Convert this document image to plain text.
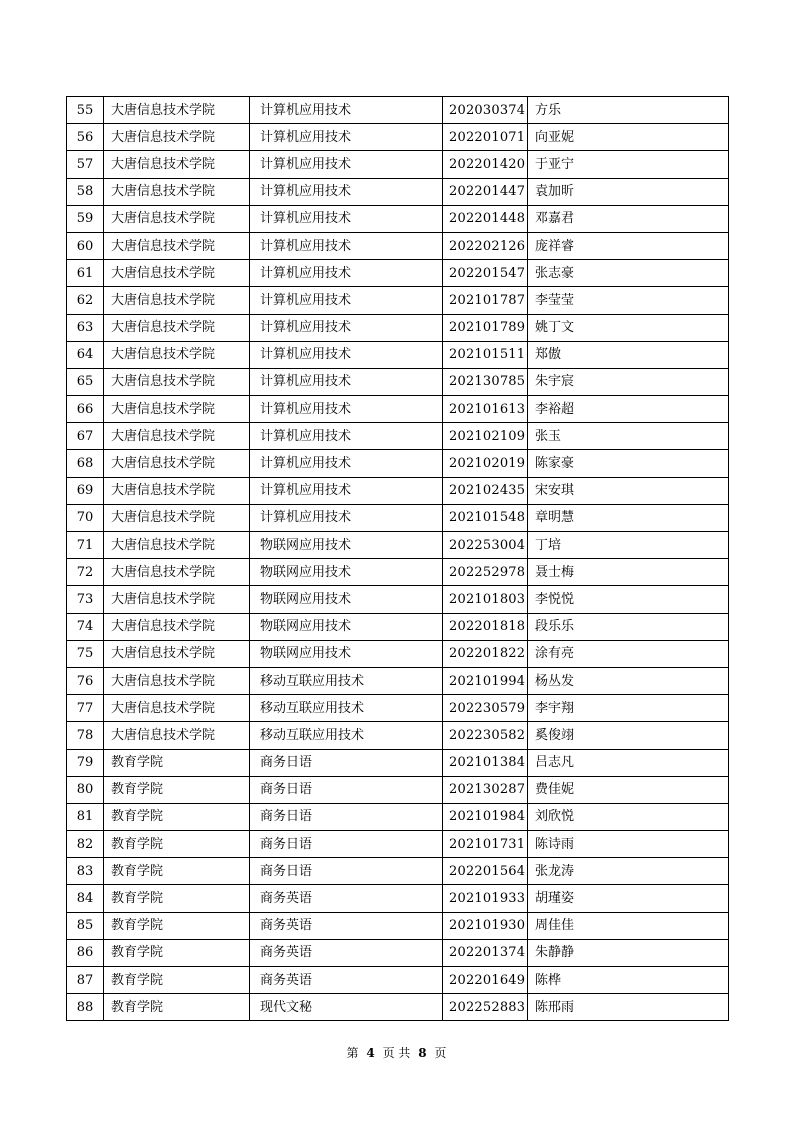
55	大唐信息技术学院	计算机应用技术	202030374	方乐
56	大唐信息技术学院	计算机应用技术	202201071	向亚妮
57	大唐信息技术学院	计算机应用技术	202201420	于亚宁
58	大唐信息技术学院	计算机应用技术	202201447	袁加昕
59	大唐信息技术学院	计算机应用技术	202201448	邓嘉君
60	大唐信息技术学院	计算机应用技术	202202126	庞祥睿
61	大唐信息技术学院	计算机应用技术	202201547	张志豪
62	大唐信息技术学院	计算机应用技术	202101787	李莹莹
63	大唐信息技术学院	计算机应用技术	202101789	姚丁文
64	大唐信息技术学院	计算机应用技术	202101511	郑傲
65	大唐信息技术学院	计算机应用技术	202130785	朱宇宸
66	大唐信息技术学院	计算机应用技术	202101613	李裕超
67	大唐信息技术学院	计算机应用技术	202102109	张玉
68	大唐信息技术学院	计算机应用技术	202102019	陈家豪
69	大唐信息技术学院	计算机应用技术	202102435	宋安琪
70	大唐信息技术学院	计算机应用技术	202101548	章明慧
71	大唐信息技术学院	物联网应用技术	202253004	丁培
72	大唐信息技术学院	物联网应用技术	202252978	聂士梅
73	大唐信息技术学院	物联网应用技术	202101803	李悦悦
74	大唐信息技术学院	物联网应用技术	202201818	段乐乐
75	大唐信息技术学院	物联网应用技术	202201822	涂有亮
76	大唐信息技术学院	移动互联应用技术	202101994	杨丛发
77	大唐信息技术学院	移动互联应用技术	202230579	李宇翔
78	大唐信息技术学院	移动互联应用技术	202230582	奚俊翊
79	教育学院	商务日语	202101384	吕志凡
80	教育学院	商务日语	202130287	费佳妮
81	教育学院	商务日语	202101984	刘欣悦
82	教育学院	商务日语	202101731	陈诗雨
83	教育学院	商务日语	202201564	张龙涛
84	教育学院	商务英语	202101933	胡瑾姿
85	教育学院	商务英语	202101930	周佳佳
86	教育学院	商务英语	202201374	朱静静
87	教育学院	商务英语	202201649	陈桦
88	教育学院	现代文秘	202252883	陈邢雨
第 4 页 共 8 页
